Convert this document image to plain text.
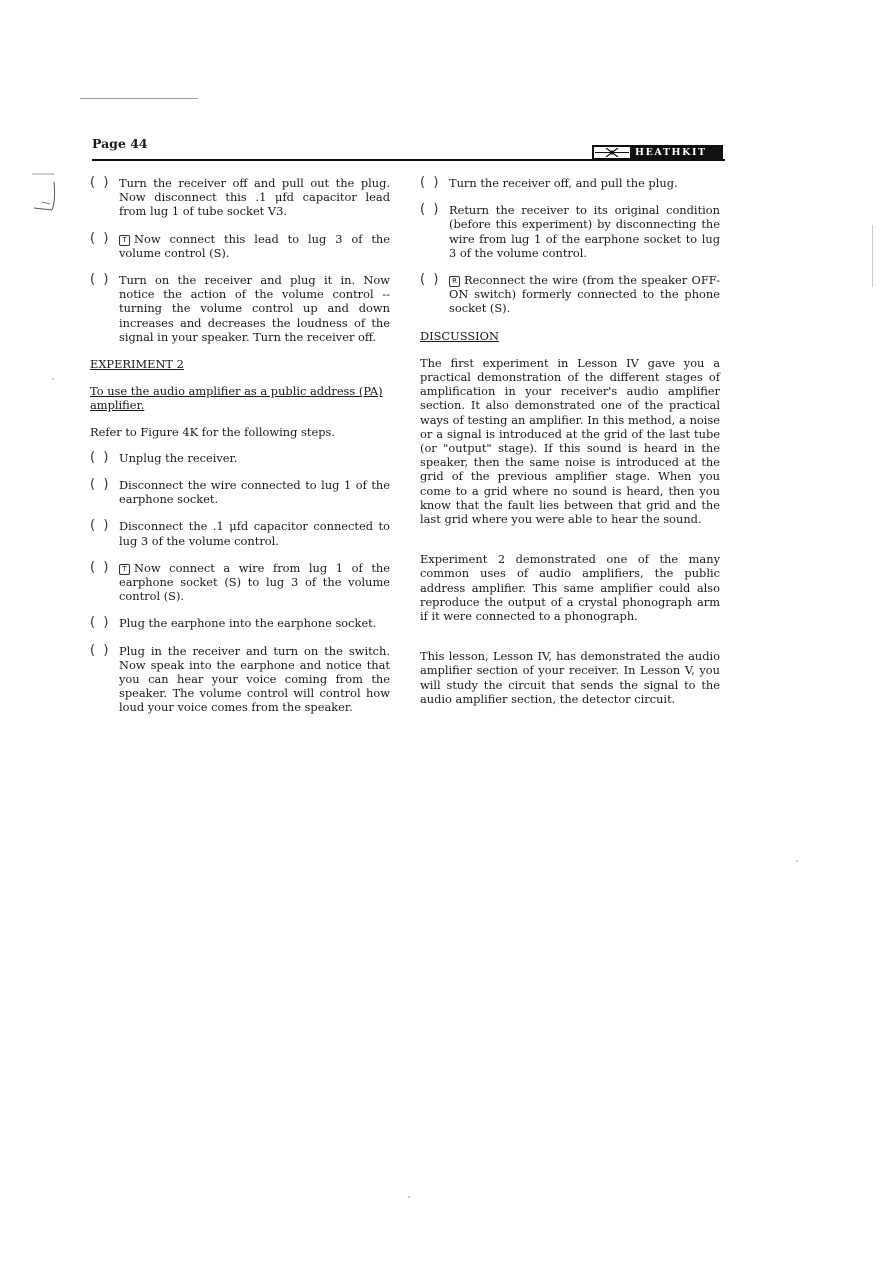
Page 44
HEATHKIT
( ) Turn the receiver off and pull out the plug. Now disconnect this .1 μfd capacitor lead from lug 1 of tube socket V3.
( ) T Now connect this lead to lug 3 of the volume control (S).
( ) Turn on the receiver and plug it in. Now notice the action of the volume control -- turning the volume control up and down increases and decreases the loudness of the signal in your speaker. Turn the receiver off.
EXPERIMENT 2
To use the audio amplifier as a public address (PA) amplifier.
Refer to Figure 4K for the following steps.
( ) Unplug the receiver.
( ) Disconnect the wire connected to lug 1 of the earphone socket.
( ) Disconnect the .1 μfd capacitor connected to lug 3 of the volume control.
( ) T Now connect a wire from lug 1 of the earphone socket (S) to lug 3 of the volume control (S).
( ) Plug the earphone into the earphone socket.
( ) Plug in the receiver and turn on the switch. Now speak into the earphone and notice that you can hear your voice coming from the speaker. The volume control will control how loud your voice comes from the speaker.
( ) Turn the receiver off, and pull the plug.
( ) Return the receiver to its original condition (before this experiment) by disconnecting the wire from lug 1 of the earphone socket to lug 3 of the volume control.
( ) R Reconnect the wire (from the speaker OFF-ON switch) formerly connected to the phone socket (S).
DISCUSSION
The first experiment in Lesson IV gave you a practical demonstration of the different stages of amplification in your receiver's audio amplifier section. It also demonstrated one of the practical ways of testing an amplifier. In this method, a noise or a signal is introduced at the grid of the last tube (or "output" stage). If this sound is heard in the speaker, then the same noise is introduced at the grid of the previous amplifier stage. When you come to a grid where no sound is heard, then you know that the fault lies between that grid and the last grid where you were able to hear the sound.
Experiment 2 demonstrated one of the many common uses of audio amplifiers, the public address amplifier. This same amplifier could also reproduce the output of a crystal phonograph arm if it were connected to a phonograph.
This lesson, Lesson IV, has demonstrated the audio amplifier section of your receiver. In Lesson V, you will study the circuit that sends the signal to the audio amplifier section, the detector circuit.
